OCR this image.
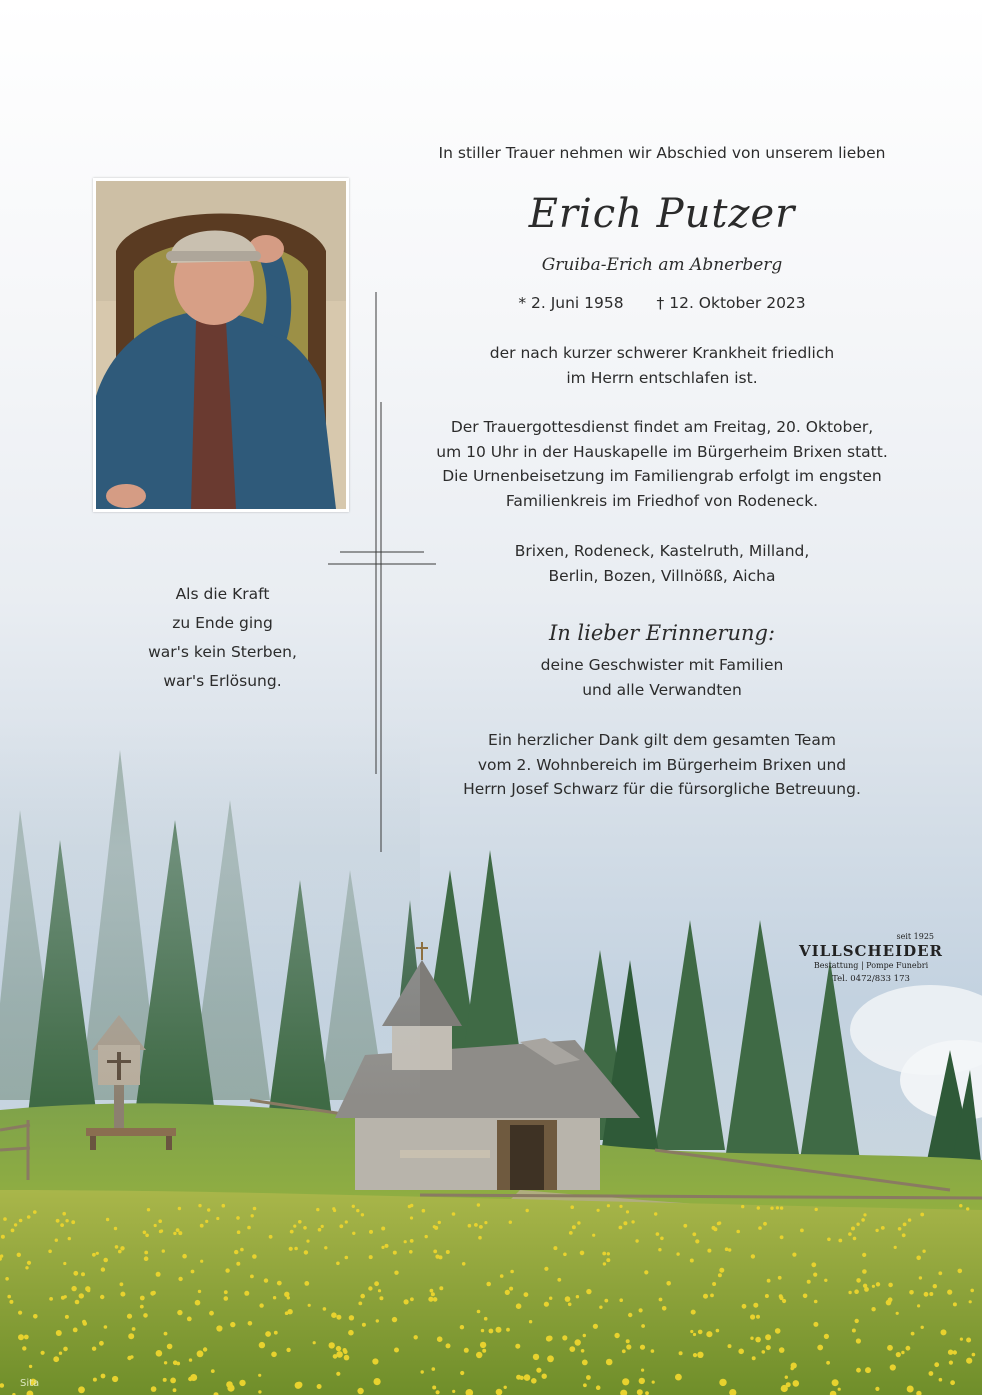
In stiller Trauer nehmen wir Abschied von unserem lieben

Erich Putzer

Gruiba-Erich am Abnerberg

* 2. Juni 1958 † 12. Oktober 2023

der nach kurzer schwerer Krankheit friedlich
im Herrn entschlafen ist.

Der Trauergottesdienst findet am Freitag, 20. Oktober,
um 10 Uhr in der Hauskapelle im Bürgerheim Brixen statt.
Die Urnenbeisetzung im Familiengrab erfolgt im engsten
Familienkreis im Friedhof von Rodeneck.

Brixen, Rodeneck, Kastelruth, Milland,
Berlin, Bozen, Villnößß, Aicha

In lieber Erinnerung:

deine Geschwister mit Familien
und alle Verwandten

Ein herzlicher Dank gilt dem gesamten Team
vom 2. Wohnbereich im Bürgerheim Brixen und
Herrn Josef Schwarz für die fürsorgliche Betreuung.

Als die Kraft
zu Ende ging
war's kein Sterben,
war's Erlösung.
seit 1925
VILLSCHEIDER
Bestattung | Pompe Funebri
Tel. 0472/833 173
Sita
